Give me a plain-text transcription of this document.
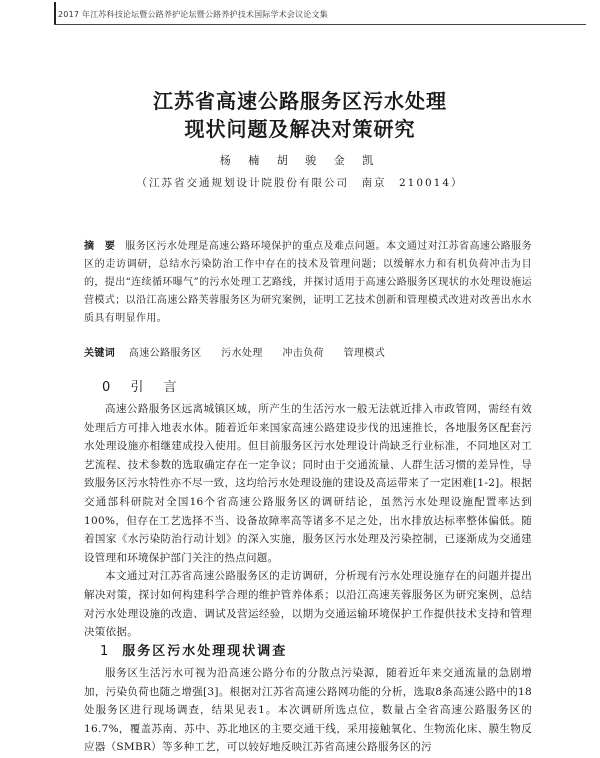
2017 年江苏科技论坛暨公路养护论坛暨公路养护技术国际学术会议论文集
江苏省高速公路服务区污水处理
现状问题及解决对策研究
杨 楠 胡 骏 金 凯
（江苏省交通规划设计院股份有限公司　南京　210014）
摘　要 服务区污水处理是高速公路环境保护的重点及难点问题。本文通过对江苏省高速公路服务区的走访调研，总结水污染防治工作中存在的技术及管理问题；以缓解水力和有机负荷冲击为目的，提出“连续循环曝气”的污水处理工艺路线，并探讨适用于高速公路服务区现状的水处理设施运营模式；以沿江高速公路芙蓉服务区为研究案例，证明工艺技术创新和管理模式改进对改善出水水质具有明显作用。
关键词 高速公路服务区 污水处理 冲击负荷 管理模式
0 引 言

高速公路服务区远离城镇区域，所产生的生活污水一般无法就近排入市政管网，需经有效处理后方可排入地表水体。随着近年来国家高速公路建设步伐的迅速推长，各地服务区配套污水处理设施亦相继建成投入使用。但目前服务区污水处理设计尚缺乏行业标准，不同地区对工艺流程、技术参数的选取确定存在一定争议；同时由于交通流量、人群生活习惯的差异性，导致服务区污水特性亦不尽一致，这均给污水处理设施的建设及高运带来了一定困难[1-2]。根据交通部科研院对全国16个省高速公路服务区的调研结论，虽然污水处理设施配置率达到100%，但存在工艺选择不当、设备故障率高等诸多不足之处，出水排放达标率整体偏低。随着国家《水污染防治行动计划》的深入实施，服务区污水处理及污染控制，已逐渐成为交通建设管理和环境保护部门关注的热点问题。

本文通过对江苏省高速公路服务区的走访调研，分析现有污水处理设施存在的问题并提出解决对策，探讨如何构建科学合理的维护管养体系；以沿江高速芙蓉服务区为研究案例，总结对污水处理设施的改造、调试及营运经验，以期为交通运输环境保护工作提供技术支持和管理决策依据。

1 服务区污水处理现状调查

服务区生活污水可视为沿高速公路分布的分散点污染源，随着近年来交通流量的急剧增加，污染负荷也随之增强[3]。根据对江苏省高速公路网功能的分析，选取8条高速公路中的18处服务区进行现场调查，结果见表1。本次调研所选点位，数量占全省高速公路服务区的16.7%，覆盖苏南、苏中、苏北地区的主要交通干线，采用接触氧化、生物流化床、膜生物反应器（SMBR）等多种工艺，可以较好地反映江苏省高速公路服务区的污
